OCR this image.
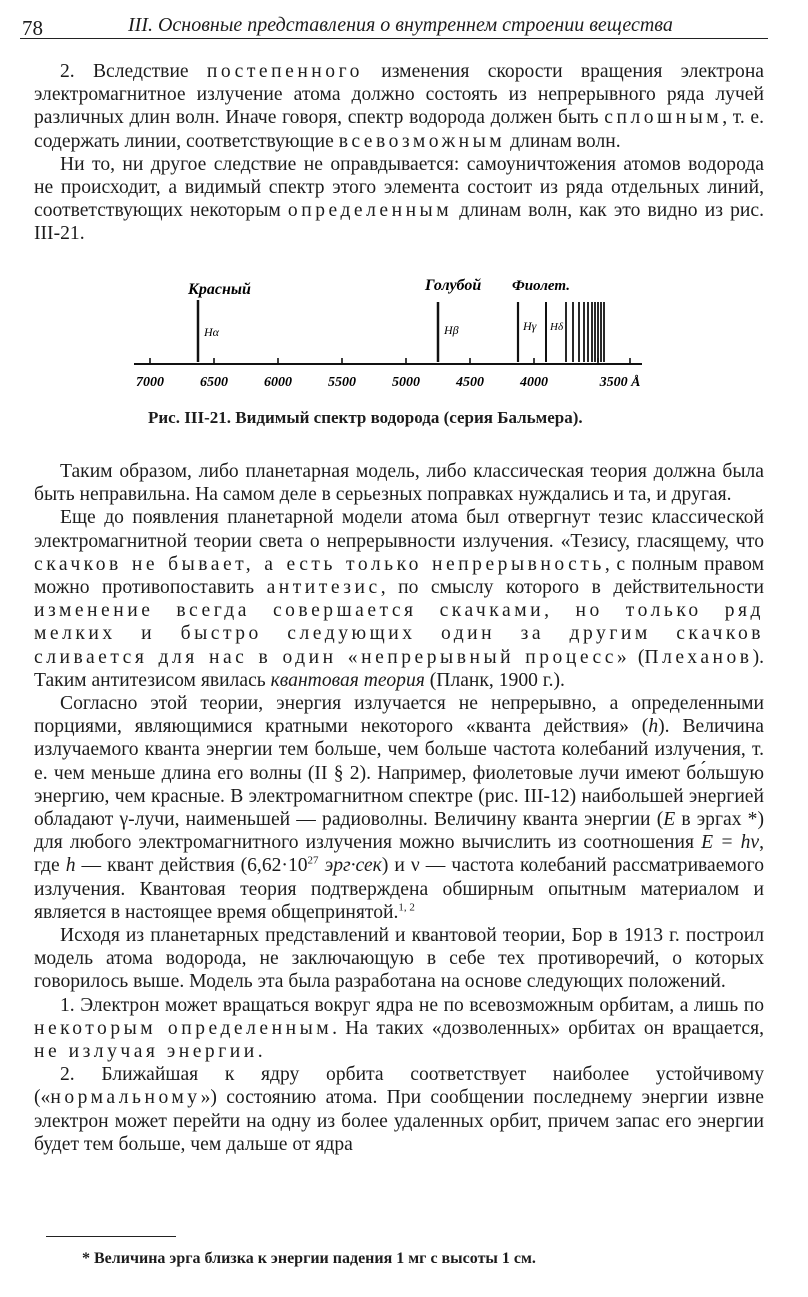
78	III. Основные представления о внутреннем строении вещества

2. Вследствие постепенного изменения скорости вращения электрона электромагнитное излучение атома должно состоять из непрерывного ряда лучей различных длин волн. Иначе говоря, спектр водорода должен быть сплошным, т. е. содержать линии, соответствующие всевозможным длинам волн.

Ни то, ни другое следствие не оправдывается: самоуничтожения атомов водорода не происходит, а видимый спектр этого элемента состоит из ряда отдельных линий, соответствующих некоторым определенным длинам волн, как это видно из рис. III-21.

Красный	Голубой Фиолет.
Hα	Hβ	Hγ Hδ
7000	6500	6000	5500	5000	4500	4000	3500 Å
Рис. III-21. Видимый спектр водорода (серия Бальмера).

Таким образом, либо планетарная модель, либо классическая теория должна была быть неправильна. На самом деле в серьезных поправках нуждались и та, и другая.

Еще до появления планетарной модели атома был отвергнут тезис классической электромагнитной теории света о непрерывности излучения. «Тезису, гласящему, что скачков не бывает, а есть только непрерывность, с полным правом можно противопоставить антитезис, по смыслу которого в действительности изменение всегда совершается скачками, но только ряд мелких и быстро следующих один за другим скачков сливается для нас в один «непрерывный процесс» (Плеханов). Таким антитезисом явилась квантовая теория (Планк, 1900 г.).

Согласно этой теории, энергия излучается не непрерывно, а определенными порциями, являющимися кратными некоторого «кванта действия» (h). Величина излучаемого кванта энергии тем больше, чем больше частота колебаний излучения, т. е. чем меньше длина его волны (II § 2). Например, фиолетовые лучи имеют бо́льшую энергию, чем красные. В электромагнитном спектре (рис. III-12) наибольшей энергией обладают γ-лучи, наименьшей — радиоволны. Величину кванта энергии (E в эргах *) для любого электромагнитного излучения можно вычислить из соотношения E = hν, где h — квант действия ($6,62\cdot 10^{27}$ эрг·сек) и ν — частота колебаний рассматриваемого излучения. Квантовая теория подтверждена обширным опытным материалом и является в настоящее время общепринятой.$^{1, 2}$

Исходя из планетарных представлений и квантовой теории, Бор в 1913 г. построил модель атома водорода, не заключающую в себе тех противоречий, о которых говорилось выше. Модель эта была разработана на основе следующих положений.

1. Электрон может вращаться вокруг ядра не по всевозможным орбитам, а лишь по некоторым определенным. На таких «дозволенных» орбитах он вращается, не излучая энергии.

2. Ближайшая к ядру орбита соответствует наиболее устойчивому («нормальному») состоянию атома. При сообщении последнему энергии извне электрон может перейти на одну из более удаленных орбит, причем запас его энергии будет тем больше, чем дальше от ядра

* Величина эрга близка к энергии падения 1 мг с высоты 1 см.
